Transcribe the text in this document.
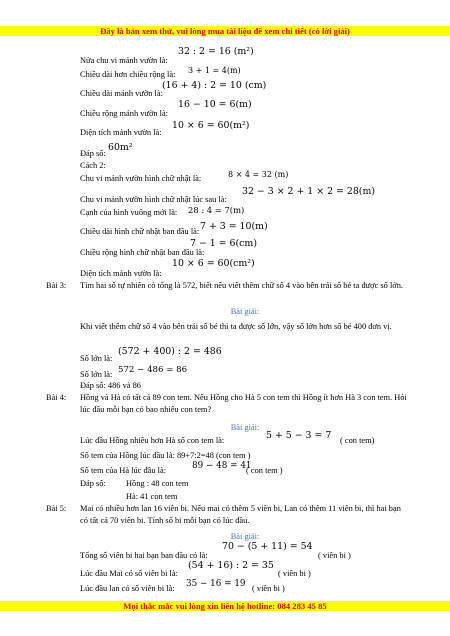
Đây là bản xem thử, vui lòng mua tài liệu để xem chi tiết (có lời giải)
Nửa chu vi mảnh vườn là:
32 : 2 = 16 (m²)
Chiều dài hơn chiều rộng là: 3 + 1 = 4(m)
Chiều dài mảnh vườn là:
(16 + 4) : 2 = 10 (cm)
Chiều rộng mảnh vườn là:
16 − 10 = 6(m)
Diện tích mảnh vườn là:
10 × 6 = 60(m²)
Đáp số:
60m²
Cách 2:
Chu vi mảnh vườn hình chữ nhật là:	8 × 4 = 32 (m)
Chu vi mảnh vườn hình chữ nhật lúc sau là:
32 − 3 × 2 + 1 × 2 = 28(m)
Cạnh của hình vuông mới là: 28 : 4 = 7(m)
Chiều dài hình chữ nhật ban đầu là: 7 + 3 = 10(m)
Chiều rộng hình chữ nhật ban đầu là:
7 − 1 = 6(cm)
10 × 6 = 60(cm²)
Diện tích mảnh vườn là:
Bài 3: Tìm hai số tự nhiên có tổng là 572, biết nếu viết thêm chữ số 4 vào bên trái số bé ta được số lớn.
Bài giải:
Khi viết thêm chữ số 4 vào bên trái số bé thì ta được số lớn, vậy số lớn hơn số bé 400 đơn vị.
Số lớn là:
(572 + 400) : 2 = 486
Số lớn là: 572 − 486 = 86
Đáp số: 486 và 86
Bài 4: Hồng và Hà có tất cả 89 con tem. Nếu Hồng cho Hà 5 con tem thì Hồng ít hơn Hà 3 con tem. Hỏi lúc đầu mỗi bạn có bao nhiêu con tem?
Bài giải:
Lúc đầu Hồng nhiều hơn Hà số con tem là:	5 + 5 − 3 = 7 ( con tem)
Số tem của Hồng lúc đầu là: 89+7:2=48 (con tem )
Số tem của Hà lúc đầu là:	89 − 48 = 41
( con tem )
Đáp số: Hồng : 48 con tem
Hà: 41 con tem
Bài 5: Mai có nhiều hơn lan 16 viên bi. Nếu mai có thêm 5 viên bi, Lan có thêm 11 viên bi, thì hai bạn có tất cả 70 viên bi. Tính số bi mỗi bạn có lúc đầu.
Bài giải:
Tổng số viên bi hai bạn ban đầu có là:
70 − (5 + 11) = 54
( viên bi )
Lúc đầu Mai có số viên bi là:
(54 + 16) : 2 = 35
( viên bi )
Lúc đầu lan có số viên bi là: 35 − 16 = 19 ( viên bi )
Mọi thắc mắc vui lòng xin liên hệ hotline: 084 283 45 85
